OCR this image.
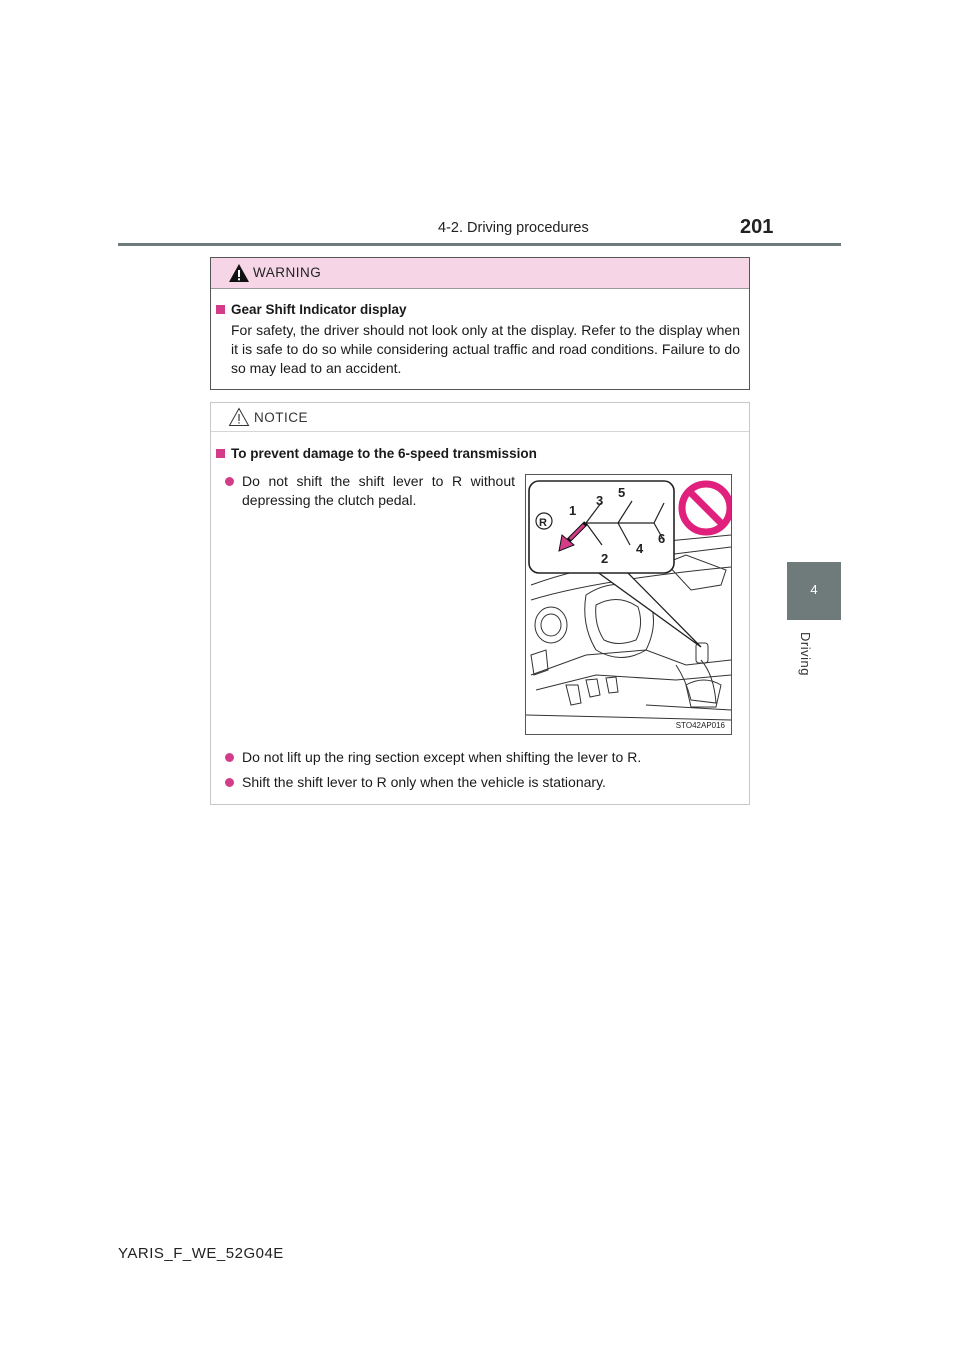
4-2. Driving procedures	201
4
Driving
WARNING
Gear Shift Indicator display
For safety, the driver should not look only at the display. Refer to the display when it is safe to do so while considering actual traffic and road conditions. Failure to do so may lead to an accident.
NOTICE
To prevent damage to the 6-speed transmission
Do not shift the shift lever to R without depressing the clutch pedal.
Do not lift up the ring section except when shifting the lever to R.
Shift the shift lever to R only when the vehicle is stationary.
R
1
2
3
4
5
6
STO42AP016
YARIS_F_WE_52G04E
